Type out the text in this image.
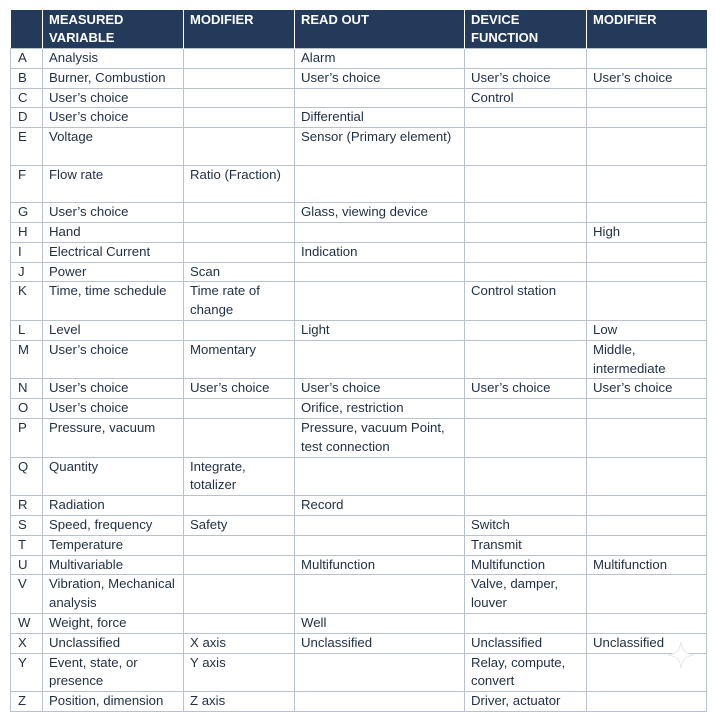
	MEASURED VARIABLE	MODIFIER	READ OUT	DEVICE FUNCTION	MODIFIER
A	Analysis		Alarm		
B	Burner, Combustion		User’s choice	User’s choice	User’s choice
C	User’s choice			Control	
D	User’s choice		Differential		
E	Voltage		Sensor (Primary element)		
F	Flow rate	Ratio (Fraction)			
G	User’s choice		Glass, viewing device		
H	Hand				High
I	Electrical Current		Indication		
J	Power	Scan			
K	Time, time schedule	Time rate of change		Control station	
L	Level		Light		Low
M	User’s choice	Momentary			Middle, intermediate
N	User’s choice	User’s choice	User’s choice	User’s choice	User’s choice
O	User’s choice		Orifice, restriction		
P	Pressure, vacuum		Pressure, vacuum Point, test connection		
Q	Quantity	Integrate, totalizer			
R	Radiation		Record		
S	Speed, frequency	Safety		Switch	
T	Temperature			Transmit	
U	Multivariable		Multifunction	Multifunction	Multifunction
V	Vibration, Mechanical analysis			Valve, damper, louver	
W	Weight, force		Well		
X	Unclassified	X axis	Unclassified	Unclassified	Unclassified
Y	Event, state, or presence	Y axis		Relay, compute, convert	
Z	Position, dimension	Z axis		Driver, actuator	
